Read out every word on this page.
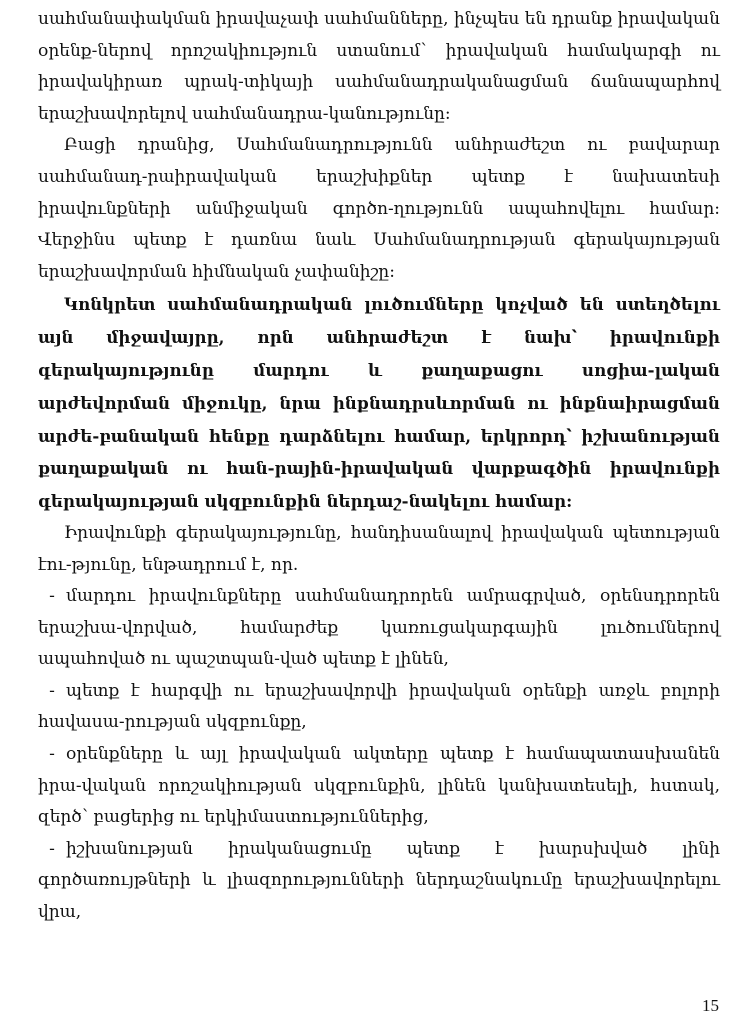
սահմանափակման իրավաչափ սահմանները, ինչպես են դրանք իրավական օրենք-ներով որոշակիություն ստանում՝ իրավական համակարգի ու իրավակիրառ պրակ-տիկայի սահմանադրականացման ճանապարհով երաշխավորելով սահմանադրա-կանությունը:

Բացի դրանից, Սահմանադրությունն անհրաժեշտ ու բավարար սահմանադ-րաիրավական երաշխիքներ պետք է նախատեսի իրավունքների անմիջական գործո-ղությունն ապահովելու համար: Վերջինս պետք է դառնա նաև Սահմանադրության գերակայության երաշխավորման հիմնական չափանիշը:

Կոնկրետ սահմանադրական լուծումները կոչված են ստեղծելու այն միջավայրը, որն անհրաժեշտ է նախ՝ իրավունքի գերակայությունը մարդու և քաղաքացու սոցիա-լական արժեվորման միջուկը, նրա ինքնադրսևորման ու ինքնաիրացման արժե-բանական հենքը դարձնելու համար, երկրորդ՝ իշխանության քաղաքական ու հան-րային-իրավական վարքագծին իրավունքի գերակայության սկզբունքին ներդաշ-նակելու համար:

Իրավունքի գերակայությունը, հանդիսանալով իրավական պետության էու-թյունը, ենթադրում է, որ.

- մարդու իրավունքները սահմանադրորեն ամրագրված, օրենսդրորեն երաշխա-վորված, համարժեք կառուցակարգային լուծումներով ապահոված ու պաշտպան-ված պետք է լինեն,

- պետք է հարգվի ու երաշխավորվի իրավական օրենքի առջև բոլորի հավասա-րության սկզբունքը,

- օրենքները և այլ իրավական ակտերը պետք է համապատասխանեն իրա-վական որոշակիության սկզբունքին, լինեն կանխատեսելի, հստակ, զերծ՝ բացերից ու երկիմաստություններից,

- իշխանության իրականացումը պետք է խարսխված լինի գործառույթների և լիազորությունների ներդաշնակումը երաշխավորելու վրա,

15
